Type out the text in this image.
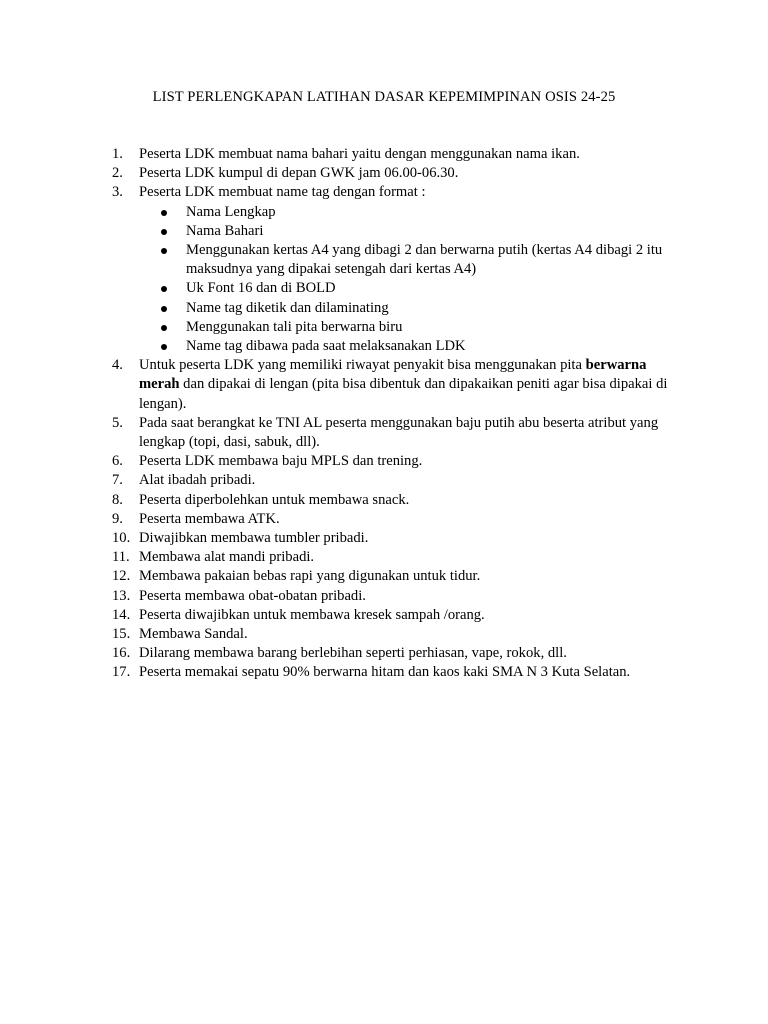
LIST PERLENGKAPAN LATIHAN DASAR KEPEMIMPINAN OSIS 24-25
1. Peserta LDK membuat nama bahari yaitu dengan menggunakan nama ikan.
2. Peserta LDK kumpul di depan GWK jam 06.00-06.30.
3. Peserta LDK membuat name tag dengan format :
Nama Lengkap
Nama Bahari
Menggunakan kertas A4 yang dibagi 2 dan berwarna putih (kertas A4 dibagi 2 itu maksudnya yang dipakai setengah dari kertas A4)
Uk Font 16 dan di BOLD
Name tag diketik dan dilaminating
Menggunakan tali pita berwarna biru
Name tag dibawa pada saat melaksanakan LDK
4. Untuk peserta LDK yang memiliki riwayat penyakit bisa menggunakan pita berwarna merah dan dipakai di lengan (pita bisa dibentuk dan dipakaikan peniti agar bisa dipakai di lengan).
5. Pada saat berangkat ke TNI AL peserta menggunakan baju putih abu beserta atribut yang lengkap (topi, dasi, sabuk, dll).
6. Peserta LDK membawa baju MPLS dan trening.
7. Alat ibadah pribadi.
8. Peserta diperbolehkan untuk membawa snack.
9. Peserta membawa ATK.
10. Diwajibkan membawa tumbler pribadi.
11. Membawa alat mandi pribadi.
12. Membawa pakaian bebas rapi yang digunakan untuk tidur.
13. Peserta membawa obat-obatan pribadi.
14. Peserta diwajibkan untuk membawa kresek sampah /orang.
15. Membawa Sandal.
16. Dilarang membawa barang berlebihan seperti perhiasan, vape, rokok, dll.
17. Peserta memakai sepatu 90% berwarna hitam dan kaos kaki SMA N 3 Kuta Selatan.
